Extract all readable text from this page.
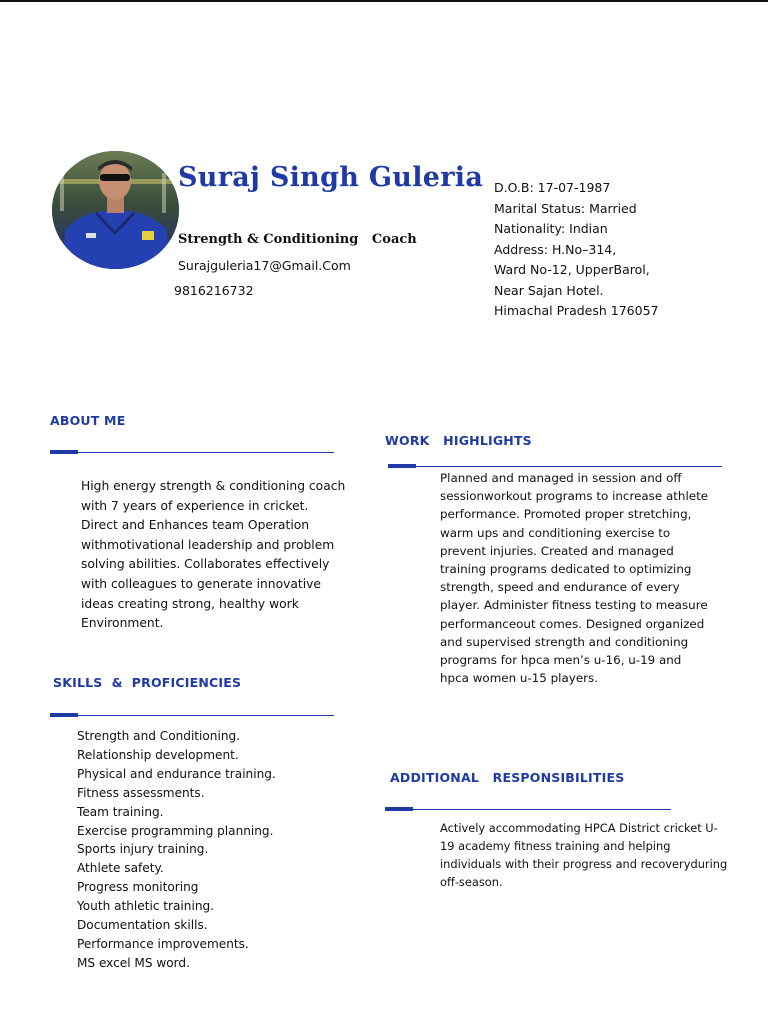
Suraj Singh Guleria
Strength & Conditioning   Coach
Surajguleria17@Gmail.Com
9816216732
D.O.B: 17-07-1987
Marital Status: Married
Nationality: Indian
Address: H.No–314,
Ward No-12, UpperBarol,
Near Sajan Hotel.
Himachal Pradesh 176057
ABOUT ME
High energy strength & conditioning coach with 7 years of experience in cricket. Direct and Enhances team Operation withmotivational leadership and problem solving abilities. Collaborates effectively with colleagues to generate innovative ideas creating strong, healthy work Environment.
SKILLS  &  PROFICIENCIES
Strength and Conditioning.
Relationship development.
Physical and endurance training.
Fitness assessments.
Team training.
Exercise programming planning.
Sports injury training.
Athlete safety.
Progress monitoring
Youth athletic training.
Documentation skills.
Performance improvements.
MS excel MS word.
WORK   HIGHLIGHTS
Planned and managed in session and off sessionworkout programs to increase athlete performance. Promoted proper stretching, warm ups and conditioning exercise to prevent injuries. Created and managed training programs dedicated to optimizing strength, speed and endurance of every player. Administer fitness testing to measure performanceout comes. Designed organized and supervised strength and conditioning programs for hpca men’s u-16, u-19 and hpca women u-15 players.
ADDITIONAL   RESPONSIBILITIES
Actively accommodating HPCA District cricket U-19 academy fitness training and helping individuals with their progress and recoveryduring off-season.
